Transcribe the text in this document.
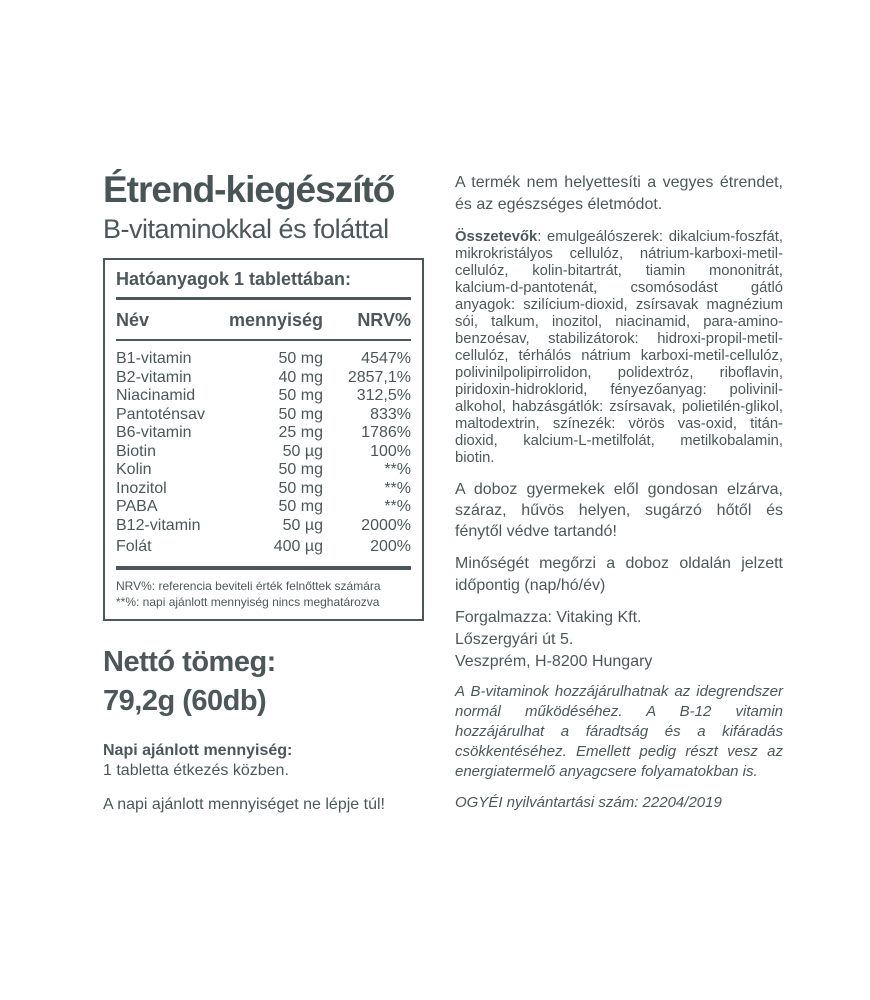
Étrend-kiegészítő
B-vitaminokkal és foláttal
Hatóanyagok 1 tablettában:
Név	mennyiség	NRV%
B1-vitamin	50 mg	4547%
B2-vitamin	40 mg	2857,1%
Niacinamid	50 mg	312,5%
Pantoténsav	50 mg	833%
B6-vitamin	25 mg	1786%
Biotin	50 µg	100%
Kolin	50 mg	**%
Inozitol	50 mg	**%
PABA	50 mg	**%
B12-vitamin	50 µg	2000%
Folát	400 µg	200%
NRV%: referencia beviteli érték felnőttek számára
**%: napi ajánlott mennyiség nincs meghatározva
Nettó tömeg:
79,2g (60db)
Napi ajánlott mennyiség:
1 tabletta étkezés közben.

A napi ajánlott mennyiséget ne lépje túl!

A termék nem helyettesíti a vegyes étrendet, és az egészséges életmódot.

Összetevők: emulgeálószerek: dikalcium-foszfát, mikrokristályos cellulóz, nátrium-karboxi-metil-cellulóz, kolin-bitartrát, tiamin mononitrát, kalcium-d-pantotenát, csomósodást gátló anyagok: szilícium-dioxid, zsírsavak magnézium sói, talkum, inozitol, niacinamid, para-amino-benzoésav, stabilizátorok: hidroxi-propil-metil-cellulóz, térhálós nátrium karboxi-metil-cellulóz, polivinilpolipirrolidon, polidextróz, riboflavin, piridoxin-hidroklorid, fényezőanyag: polivinil-alkohol, habzásgátlók: zsírsavak, polietilén-glikol, maltodextrin, színezék: vörös vas-oxid, titán-dioxid, kalcium-L-metilfolát, metilkobalamin, biotin.

A doboz gyermekek elől gondosan elzárva, száraz, hűvös helyen, sugárzó hőtől és fénytől védve tartandó!

Minőségét megőrzi a doboz oldalán jelzett időpontig (nap/hó/év)

Forgalmazza: Vitaking Kft.
Lőszergyári út 5.
Veszprém, H-8200 Hungary

A B-vitaminok hozzájárulhatnak az idegrendszer normál működéséhez. A B-12 vitamin hozzájárulhat a fáradtság és a kifáradás csökkentéséhez. Emellett pedig részt vesz az energiatermelő anyagcsere folyamatokban is.

OGYÉI nyilvántartási szám: 22204/2019
